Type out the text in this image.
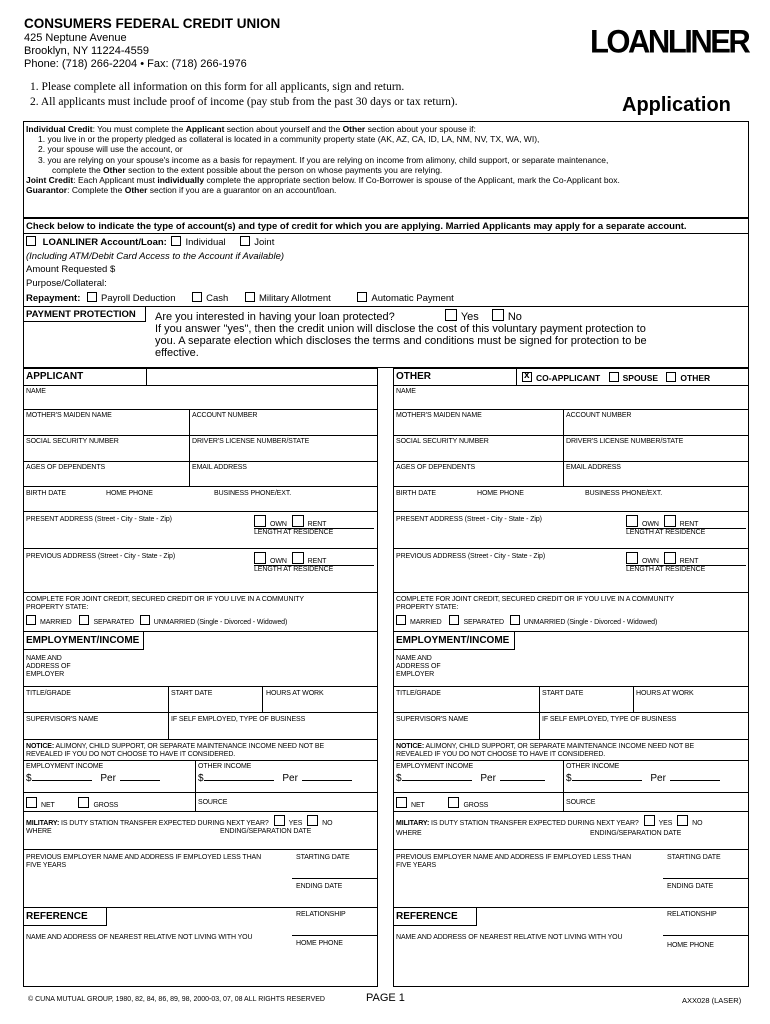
CONSUMERS FEDERAL CREDIT UNION
425 Neptune Avenue
Brooklyn, NY 11224-4559
Phone: (718) 266-2204 • Fax: (718) 266-1976
LOANLINER
1. Please complete all information on this form for all applicants, sign and return.
2. All applicants must include proof of income (pay stub from the past 30 days or tax return).	Application
Individual Credit: You must complete the Applicant section about yourself and the Other section about your spouse if:
1. you live in or the property pledged as collateral is located in a community property state (AK, AZ, CA, ID, LA, NM, NV, TX, WA, WI),
2. your spouse will use the account, or
3. you are relying on your spouse's income as a basis for repayment. If you are relying on income from alimony, child support, or separate maintenance,
complete the Other section to the extent possible about the person on whose payments you are relying.
Joint Credit: Each Applicant must individually complete the appropriate section below. If Co-Borrower is spouse of the Applicant, mark the Co-Applicant box.
Guarantor: Complete the Other section if you are a guarantor on an account/loan.
Check below to indicate the type of account(s) and type of credit for which you are applying. Married Applicants may apply for a separate account.
LOANLINER Account/Loan: Individual	Joint
(Including ATM/Debit Card Access to the Account if Available)
Amount Requested $
Purpose/Collateral:
Repayment: Payroll Deduction	Cash	Military Allotment	Automatic Payment
PAYMENT PROTECTION Are you interested in having your loan protected?	Yes	No
If you answer "yes", then the credit union will disclose the cost of this voluntary payment protection to
you. A separate election which discloses the terms and conditions must be signed for protection to be
effective.
APPLICANT
NAME
MOTHER'S MAIDEN NAME	ACCOUNT NUMBER
SOCIAL SECURITY NUMBER	DRIVER'S LICENSE NUMBER/STATE
AGES OF DEPENDENTS	EMAIL ADDRESS
BIRTH DATE	HOME PHONE	BUSINESS PHONE/EXT.
PRESENT ADDRESS (Street - City - State - Zip)
OWN	RENT
LENGTH AT RESIDENCE
PREVIOUS ADDRESS (Street - City - State - Zip)
OWN	RENT
LENGTH AT RESIDENCE
COMPLETE FOR JOINT CREDIT, SECURED CREDIT OR IF YOU LIVE IN A COMMUNITY
PROPERTY STATE:
MARRIED	SEPARATED	UNMARRIED (Single - Divorced - Widowed)
EMPLOYMENT/INCOME
NAME AND
ADDRESS OF
EMPLOYER
TITLE/GRADE	START DATE	HOURS AT WORK
SUPERVISOR'S NAME	IF SELF EMPLOYED, TYPE OF BUSINESS
NOTICE: ALIMONY, CHILD SUPPORT, OR SEPARATE MAINTENANCE INCOME NEED NOT BE
REVEALED IF YOU DO NOT CHOOSE TO HAVE IT CONSIDERED.
EMPLOYMENT INCOME	OTHER INCOME
$	Per	$	Per
NET	GROSS	SOURCE
MILITARY: IS DUTY STATION TRANSFER EXPECTED DURING NEXT YEAR?	YES	NO
WHERE	ENDING/SEPARATION DATE
PREVIOUS EMPLOYER NAME AND ADDRESS IF EMPLOYED LESS THAN
FIVE YEARS
STARTING DATE
ENDING DATE
REFERENCE	RELATIONSHIP
NAME AND ADDRESS OF NEAREST RELATIVE NOT LIVING WITH YOU
HOME PHONE
OTHER
x	CO-APPLICANT	SPOUSE	OTHER
NAME
MOTHER'S MAIDEN NAME	ACCOUNT NUMBER
SOCIAL SECURITY NUMBER	DRIVER'S LICENSE NUMBER/STATE
AGES OF DEPENDENTS	EMAIL ADDRESS
BIRTH DATE	HOME PHONE	BUSINESS PHONE/EXT.
PRESENT ADDRESS (Street - City - State - Zip)
OWN	RENT
LENGTH AT RESIDENCE
PREVIOUS ADDRESS (Street - City - State - Zip)
OWN	RENT
LENGTH AT RESIDENCE
COMPLETE FOR JOINT CREDIT, SECURED CREDIT OR IF YOU LIVE IN A COMMUNITY
PROPERTY STATE:
MARRIED	SEPARATED	UNMARRIED (Single - Divorced - Widowed)
EMPLOYMENT/INCOME
NAME AND
ADDRESS OF
EMPLOYER
TITLE/GRADE	START DATE	HOURS AT WORK
SUPERVISOR'S NAME	IF SELF EMPLOYED, TYPE OF BUSINESS
NOTICE: ALIMONY, CHILD SUPPORT, OR SEPARATE MAINTENANCE INCOME NEED NOT BE
REVEALED IF YOU DO NOT CHOOSE TO HAVE IT CONSIDERED.
EMPLOYMENT INCOME	OTHER INCOME
$	Per	$	Per
NET	GROSS	SOURCE
MILITARY: IS DUTY STATION TRANSFER EXPECTED DURING NEXT YEAR?	YES	NO
WHERE	ENDING/SEPARATION DATE
PREVIOUS EMPLOYER NAME AND ADDRESS IF EMPLOYED LESS THAN
FIVE YEARS
STARTING DATE
ENDING DATE
REFERENCE	RELATIONSHIP
NAME AND ADDRESS OF NEAREST RELATIVE NOT LIVING WITH YOU
HOME PHONE
© CUNA MUTUAL GROUP, 1980, 82, 84, 86, 89, 98, 2000-03, 07, 08 ALL RIGHTS RESERVED	PAGE 1	AXX028 (LASER)
